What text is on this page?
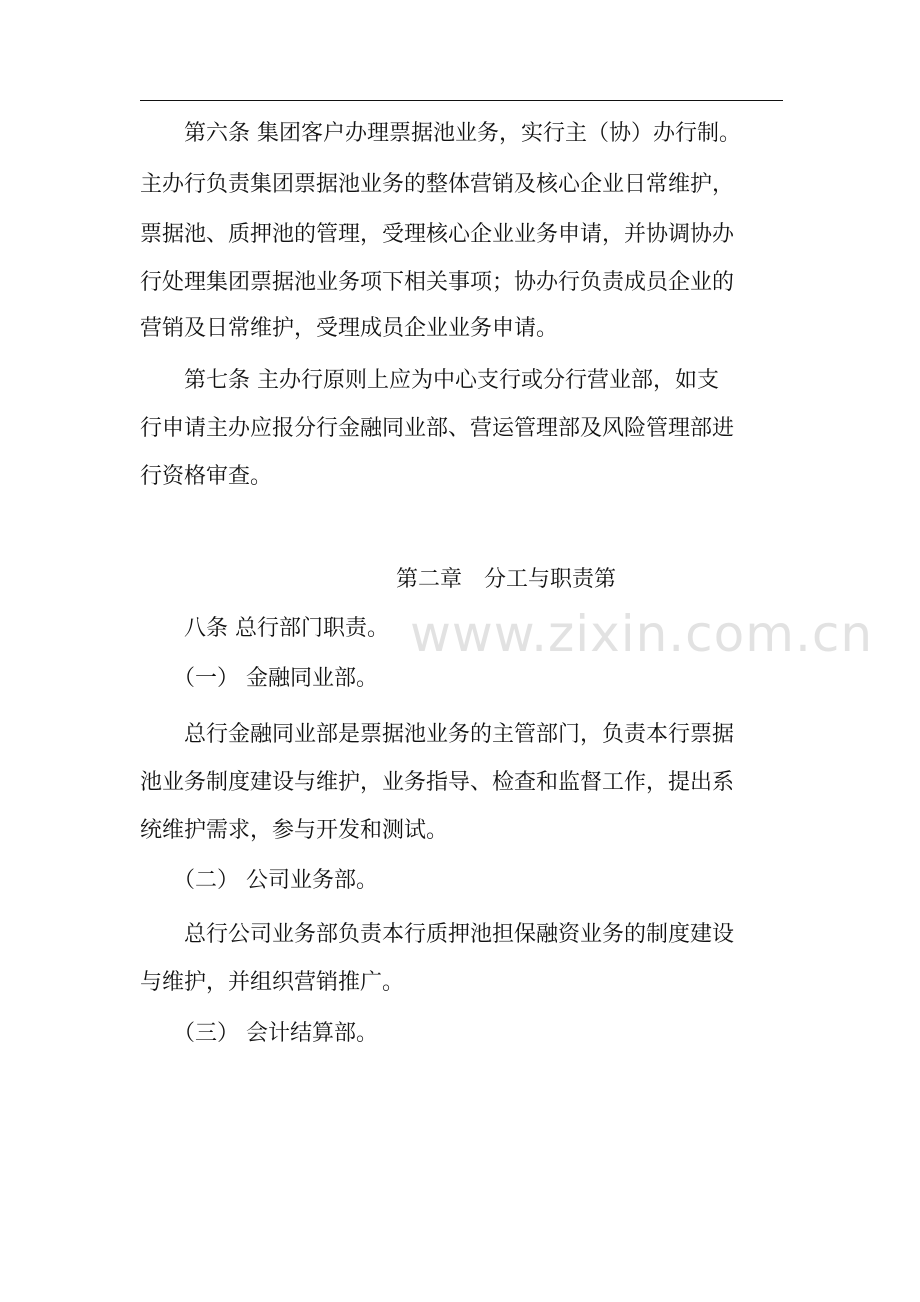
　　第六条 集团客户办理票据池业务，实行主（协）办行制。
主办行负责集团票据池业务的整体营销及核心企业日常维护，
票据池、质押池的管理，受理核心企业业务申请，并协调协办
行处理集团票据池业务项下相关事项；协办行负责成员企业的
营销及日常维护，受理成员企业业务申请。
　　第七条 主办行原则上应为中心支行或分行营业部，如支
行申请主办应报分行金融同业部、营运管理部及风险管理部进
行资格审查。
第二章　分工与职责第
www.zixin.com.cn
　　八条 总行部门职责。
　　（一） 金融同业部。
　　总行金融同业部是票据池业务的主管部门，负责本行票据
池业务制度建设与维护，业务指导、检查和监督工作，提出系
统维护需求，参与开发和测试。
　　（二） 公司业务部。
　　总行公司业务部负责本行质押池担保融资业务的制度建设
与维护，并组织营销推广。
　　（三） 会计结算部。
